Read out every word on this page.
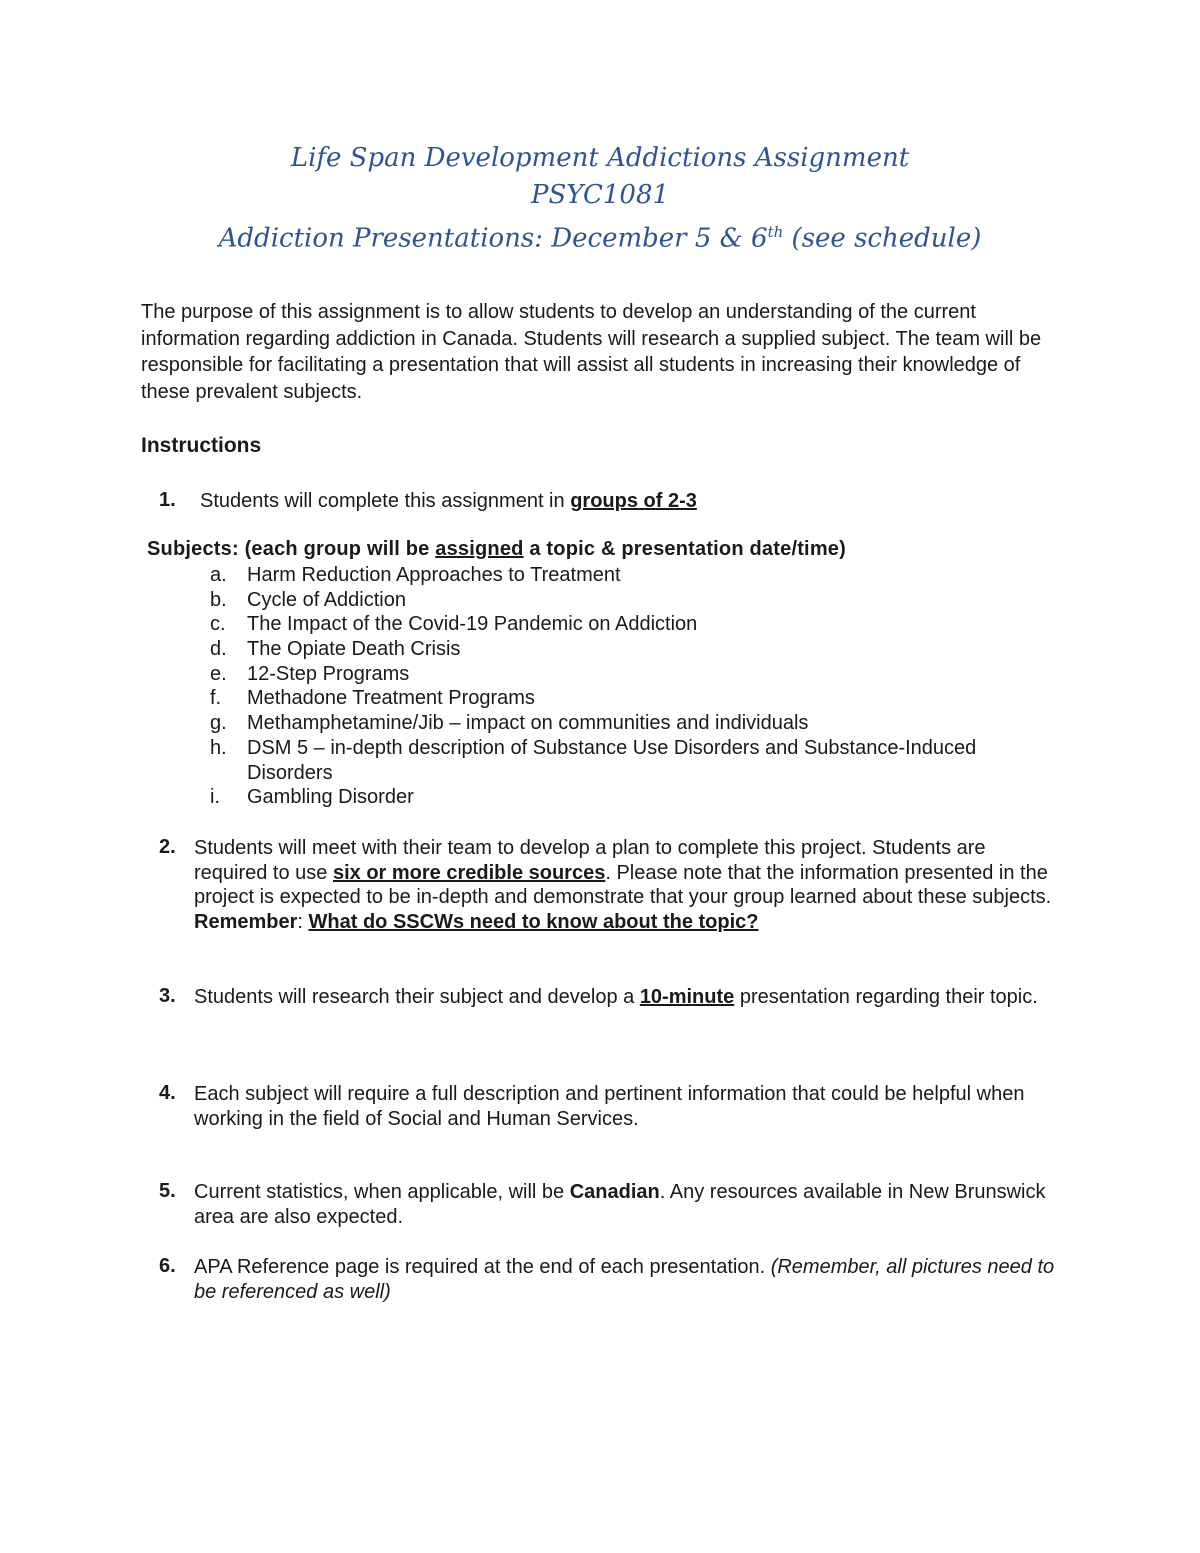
Life Span Development Addictions Assignment
PSYC1081
Addiction Presentations: December 5 & 6th (see schedule)
The purpose of this assignment is to allow students to develop an understanding of the current information regarding addiction in Canada. Students will research a supplied subject. The team will be responsible for facilitating a presentation that will assist all students in increasing their knowledge of these prevalent subjects.
Instructions
1. Students will complete this assignment in groups of 2-3
Subjects: (each group will be assigned a topic & presentation date/time)
a.	Harm Reduction Approaches to Treatment
b.	Cycle of Addiction
c.	The Impact of the Covid-19 Pandemic on Addiction
d.	The Opiate Death Crisis
e.	12-Step Programs
f.	Methadone Treatment Programs
g.	Methamphetamine/Jib – impact on communities and individuals
h.	DSM 5 – in-depth description of Substance Use Disorders and Substance-Induced Disorders
i.	Gambling Disorder
2. Students will meet with their team to develop a plan to complete this project. Students are required to use six or more credible sources. Please note that the information presented in the project is expected to be in-depth and demonstrate that your group learned about these subjects. Remember: What do SSCWs need to know about the topic?
3. Students will research their subject and develop a 10-minute presentation regarding their topic.
4. Each subject will require a full description and pertinent information that could be helpful when working in the field of Social and Human Services.
5. Current statistics, when applicable, will be Canadian. Any resources available in New Brunswick area are also expected.
6. APA Reference page is required at the end of each presentation. (Remember, all pictures need to be referenced as well)
